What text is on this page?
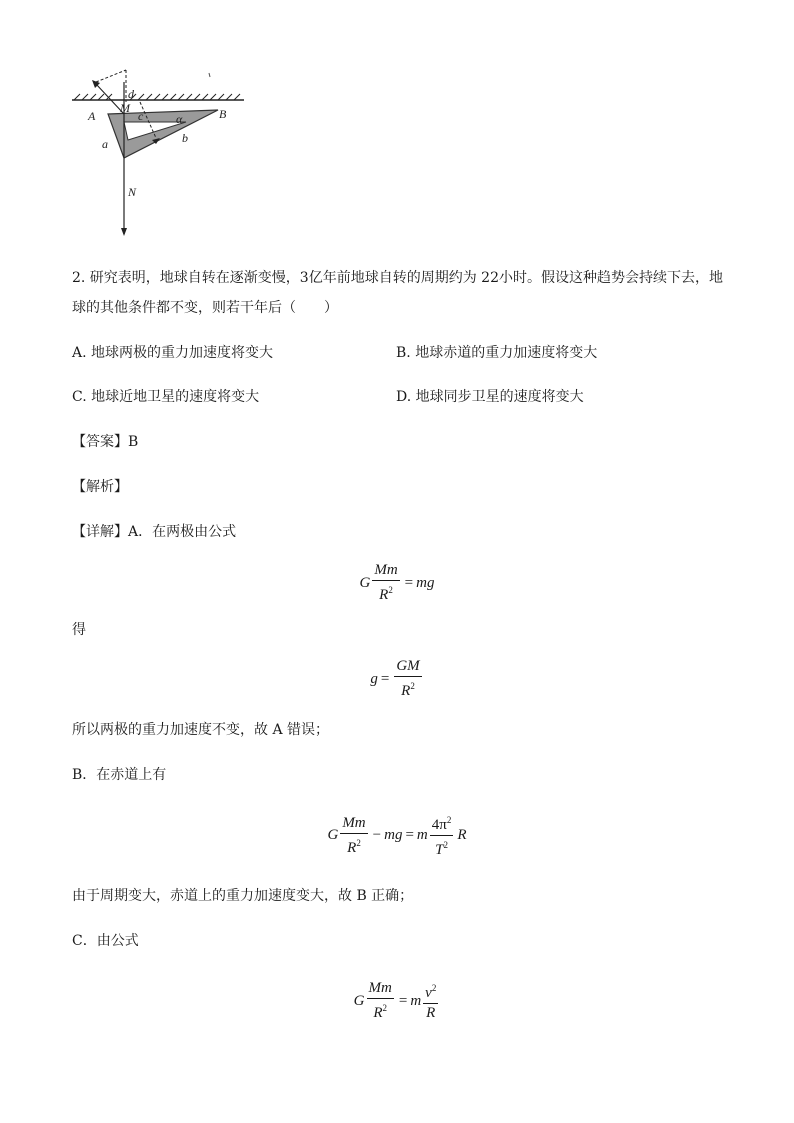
A	B
M
N
a	b
c
d
α
2. 研究表明，地球自转在逐渐变慢，3亿年前地球自转的周期约为 22小时。假设这种趋势会持续下去，地
球的其他条件都不变，则若干年后（　　）
A. 地球两极的重力加速度将变大	B. 地球赤道的重力加速度将变大
C. 地球近地卫星的速度将变大	D. 地球同步卫星的速度将变大
【答案】B
【解析】
【详解】A．在两极由公式
G $\frac{Mm}{R^2}$ = mg
得
$g = \frac{GM}{R^2}$
所以两极的重力加速度不变，故 A 错误；
B．在赤道上有
G $\frac{Mm}{R^2}$ − mg = m $\frac{4\pi^2}{T^2}$ R
由于周期变大，赤道上的重力加速度变大，故 B 正确；
C．由公式
G $\frac{Mm}{R^2} = m \frac{v^2}{R}$
